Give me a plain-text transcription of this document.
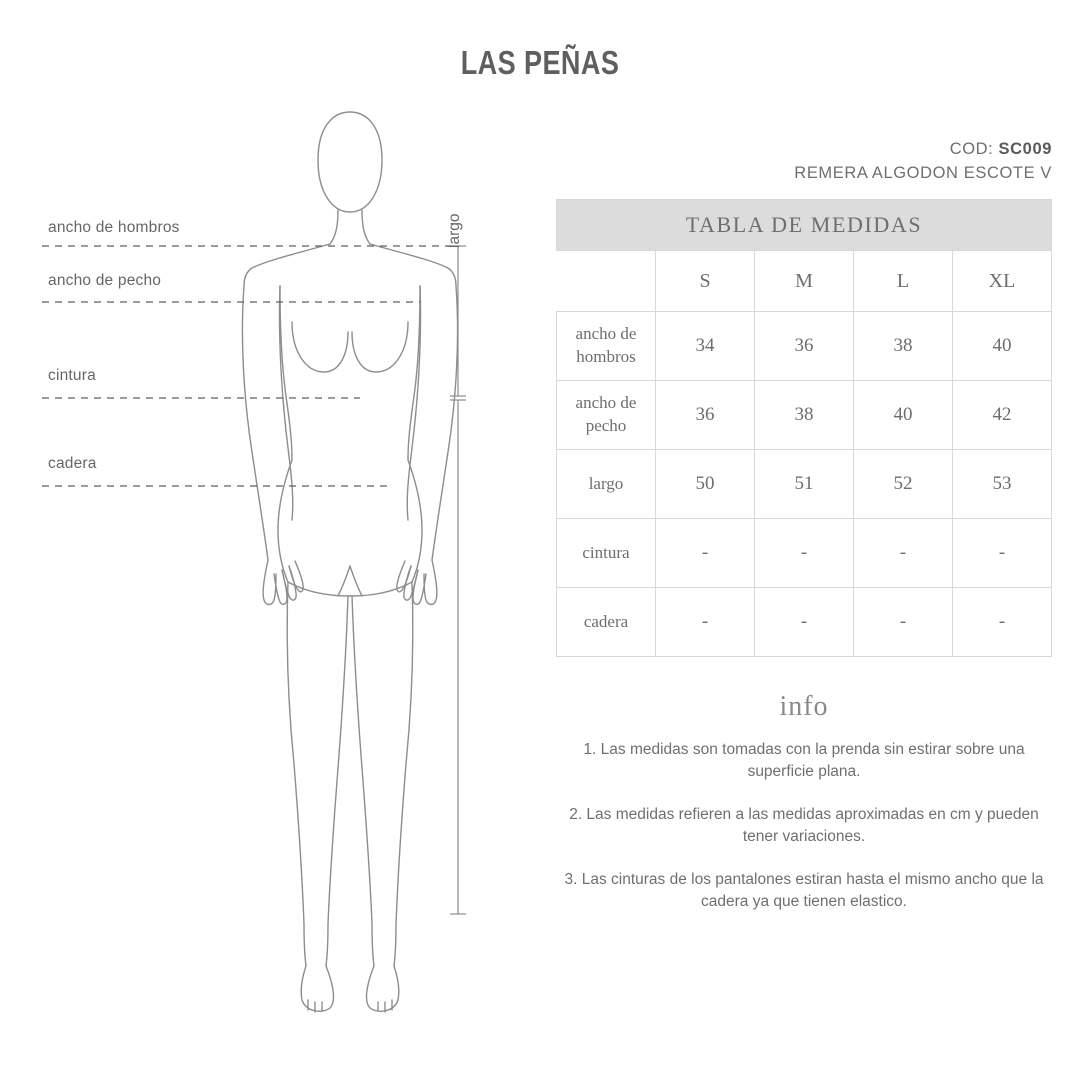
LAS PEÑAS
ancho de hombros
ancho de pecho
cintura
cadera
largo
COD: SC009
REMERA ALGODON ESCOTE V
TABLA DE MEDIDAS				
	S	M	L	XL
ancho de hombros	34	36	38	40
ancho de pecho	36	38	40	42
largo	50	51	52	53
cintura	-	-	-	-
cadera	-	-	-	-
info
1. Las medidas son tomadas con la prenda sin estirar sobre una superficie plana.
2. Las medidas refieren a las medidas aproximadas en cm y pueden tener variaciones.
3. Las cinturas de los pantalones estiran hasta el mismo ancho que la cadera ya que tienen elastico.
